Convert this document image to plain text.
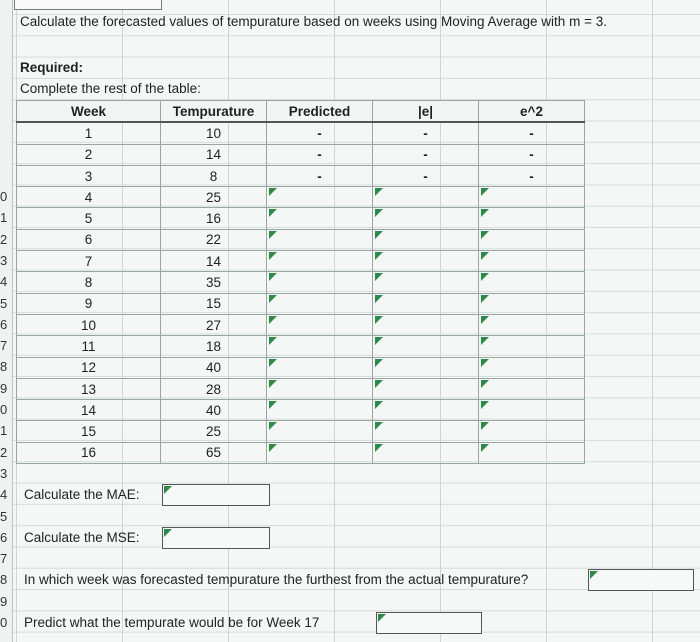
0
1
2
3
4
5
6
7
8
9
0
1
2
3
4
5
6
7
8
9
0
Calculate the forecasted values of tempurature based on weeks using Moving Average with m = 3.
Required:
Complete the rest of the table:
Week	Tempurature	Predicted	|e|	e^2
1	10	-	-	-
2	14	-	-	-
3	8	-	-	-
4	25	

5	16	

6	22	

7	14	

8	35	

9	15	

10	27	

11	18	

12	40	

13	28	

14	40	

15	25	

16	65	

Calculate the MAE:
Calculate the MSE:
In which week was forecasted tempurature the furthest from the actual tempurature?
Predict what the tempurate would be for Week 17
